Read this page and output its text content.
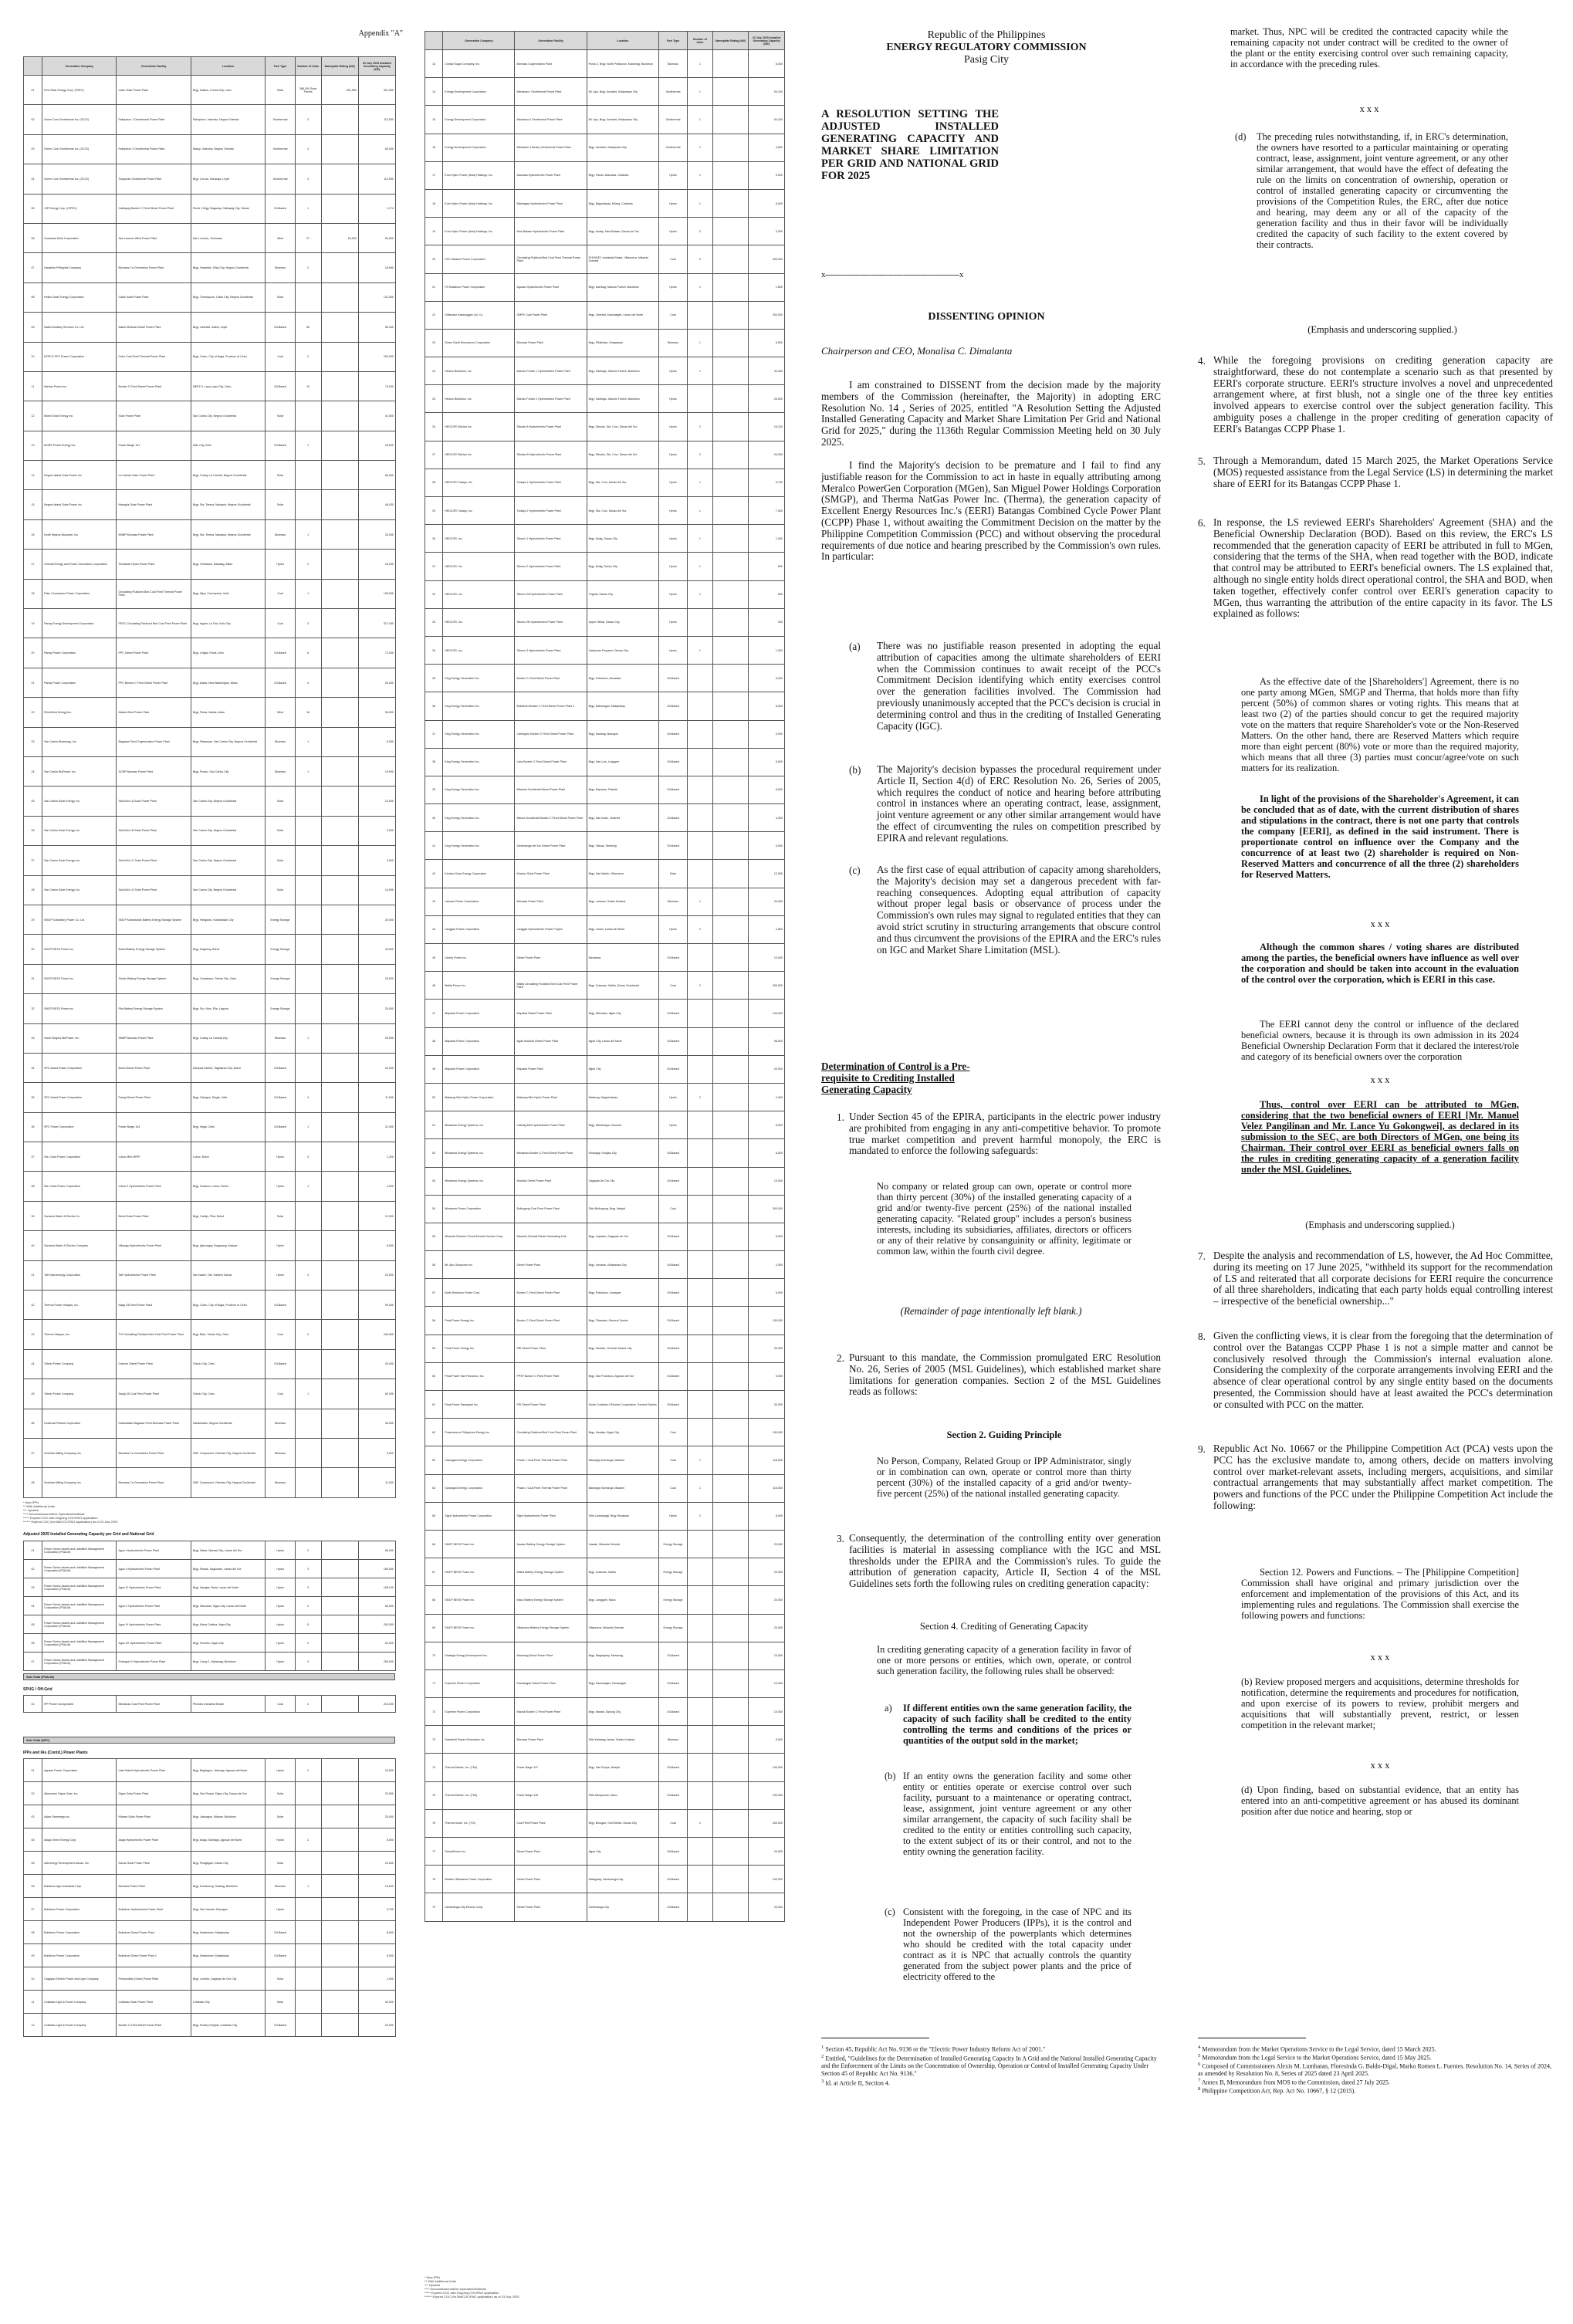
Appendix "A"
	Generation Company	Generation Facility	Location	Fuel Type	Number of Units	Nameplate Rating (kW)	23 July 2025 Installed Generating Capacity (kW)
01	First Solar Energy Corp. (FSEC)	Lasin Solar Power Plant	Brgy. Dakwo, Croma City, Laon	Solar	368,000 Solar Panels	301,960	301,960
02	Green Core Geothermal Inc. (GCGI)	Palinpinon 1 Geothermal Power Plant	Palinpinon, Valencia, Negros Oriental	Geothermal	3		112,500
03	Green Core Geothermal Inc. (GCGI)	Palinpinon 2 Geothermal Power Plant	Nasuji, Valencia, Negros Oriental	Geothermal	3		60,000
04	Green Core Geothermal Inc. (GCGI)	Tongonan Geothermal Power Plant	Brgy. Lim-ao, Kananga, Leyte	Geothermal	3		112,500
05	CIP Energy Corp. (CIPEC)	Calbayog Bunker C Fired Diesel Power Plant	Purok 1 Brgy. Bagacay, Calbayog City, Samar	Oil-Based	1		1,174
06	Guimaras Wind Corporation	San Lorenzo Wind Power Plant	San Lorenzo, Guimaras	Wind	27	54,000	54,000
07	Hawaiian-Philippine Company	Biomass Co-Generation Power Plant	Brgy. Hawaiian, Silay City, Negros Occidental	Biomass	2		18,980
08	Helios Solar Energy Corporation	Cadiz Solar Power Plant	Brgy. Tinampa-an, Cadiz City, Negros Occidental	Solar			131,500
09	Isabel Ancillary Services Co. Ltd.	Isabel Modular Diesel Power Plant	Brgy. Libertad, Isabel, Leyte	Oil-Based	60		55,440
10	KEPCO SPC Power Corporation	Cebu Coal Fired Thermal Power Plant	Brgy. Colon, City of Naga, Province of Cebu	Coal	2		200,000
11	Mactan Power Inc.	Bunker C-Fired Diesel Power Plant	MEPZ II, Lapu-Lapu City, Cebu	Oil-Based	10		70,000
12	Miami Solar Energy Inc.	Solar Power Plant	San Carlos City, Negros Occidental	Solar			41,500
13	MORE Power Energy Inc.	Power Barge 101	Iloilo City, Iloilo	Oil-Based	1		28,000
14	Negros Island Solar Power Inc.	La Carlota Solar Power Plant	Brgy. Cubay, La Carlota, Negros Occidental	Solar			80,000
15	Negros Island Solar Power Inc.	Manapla Solar Power Plant	Brgy. Sta. Teresa, Manapla, Negros Occidental	Solar			48,030
16	North Negros Biopower, Inc.	NNBP Biomass Power Plant	Brgy. Sta. Teresa, Manapla, Negros Occidental	Biomass	1		25,000
17	Oriental Energy and Power Generation Corporation	Timbaban Hydro Power Plant	Brgy. Timbaban, Madalag, Aklan	Hydro	2		18,000
18	Palm Concepcion Power Corporation	Circulating Fluidized Bed Coal Fired Thermal Power Plant	Brgy. Nipa, Concepcion, Iloilo	Coal	1		135,000
19	Panay Energy Development Corporation	PEDC Circulating Fluidized Bed Coal Fired Power Plant	Brgy. Ingore, La Paz, Iloilo City	Coal	3		317,400
20	Panay Power Corporation	PPC Diesel Power Plant	Brgy. Ungka, Pavia, Iloilo	Oil-Based	8		72,000
21	Panay Power Corporation	PPC Bunker C Fired Diesel Power Plant	Brgy. Alaba, New Washington, Aklan	Oil-Based	4		26,400
22	PetroWind Energy Inc.	Nabas Wind Power Plant	Brgy. Pawa, Nabas, Aklan	Wind	18		36,000
23	San Carlos Bioenergy, Inc.	Bagasse Fired Cogeneration Power Plant	Brgy. Palampas, San Carlos City, Negros Occidental	Biomass	1		8,300
24	San Carlos BioPower, Inc.	SCBP Biomass Power Plant	Brgy. Punao, San Carlos City	Biomass	1		19,990
25	San Carlos Solar Energy, Inc.	SaCaSol I-A Solar Power Plant	San Carlos City, Negros Occidental	Solar			13,000
26	San Carlos Solar Energy, Inc.	SaCaSol I-B Solar Power Plant	San Carlos City, Negros Occidental	Solar			9,000
27	San Carlos Solar Energy, Inc.	SaCaSol I-C Solar Power Plant	San Carlos City, Negros Occidental	Solar			9,000
28	San Carlos Solar Energy, Inc.	SaCaSol I-D Solar Power Plant	San Carlos City, Negros Occidental	Solar			14,000
29	SMCP Subsidiary Power Co. Ltd.	SMCP Kabankalan Battery Energy Storage System	Brgy. Hinigaran, Kabankalan City	Energy Storage			20,000
30	SMCP BESS Power Inc.	Bohol Battery Energy Storage System	Brgy. Dagohoy, Bohol	Energy Storage			40,000
31	SMCP BESS Power Inc.	Toledo Battery Energy Storage System	Brgy. Cantabaco, Toledo City, Cebu	Energy Storage			20,000
32	SMCP BESS Power Inc.	Pila Battery Energy Storage System	Brgy. Sto. Nino, Pila, Laguna	Energy Storage			20,000
33	South Negros BioPower, Inc.	SNBP Biomass Power Plant	Brgy. Cubay, La Carlota City	Biomass	1		25,000
34	SPC Island Power Corporation	Bohol Diesel Power Plant	Dampas District, Tagbilaran City, Bohol	Oil-Based			22,000
35	SPC Island Power Corporation	Panay Diesel Power Plant	Brgy. Tabugon, Dingle, Iloilo	Oil-Based	4		11,000
36	SPC Power Corporation	Power Barge 104	Brgy. Naga, Cebu	Oil-Based	1		31,000
37	Sta. Clara Power Corporation	Loboc Mini HEPP	Loboc, Bohol	Hydro	3		1,200
38	Sta. Clara Power Corporation	Loboc 2 Hydroelectric Power Plant	Brgy. Gotozon, Loboc, Bohol	Hydro	1		3,200
39	Sunwest Water & Electric Co.	Bohol Solar Power Plant	Brgy. Canlijo, Pilar, Bohol	Solar			12,000
40	Sunwest Water & Electric Company	Villasiga Hydroelectric Power Plant	Brgy. Igbucagay, Bugasong, Antique	Hydro			8,000
41	Taft Hydroenergy Corporation	Taft Hydroelectric Power Plant	San Isabel, Taft, Eastern Samar	Hydro	3		20,000
42	Therma Power Visayas, Inc.	Naga Oil Fired Power Plant	Brgy. Colon, City of Naga, Province of Cebu	Oil-Based			90,000
43	Therma Visayas, Inc.	TVI Circulating Fluidized Bed Coal Fired Power Plant	Brgy. Bato, Toledo City, Cebu	Coal	2		340,000
44	Toledo Power Company	Carmen Diesel Power Plant	Toledo City, Cebu	Oil-Based			40,000
45	Toledo Power Company	Sangi 2A Coal Fired Power Plant	Toledo City, Cebu	Coal	1		82,000
46	Universal Robina Corporation	Kabankalan Bagasse Fired Biomass Power Plant	Kabankalan, Negros Occidental	Biomass			46,000
47	Victorias Milling Company, Inc.	Biomass Co-Generation Power Plant	VMC Compound, Victorias City, Negros Occidental	Biomass			9,000
48	Victorias Milling Company, Inc.	Biomass Co-Generation Power Plant	VMC Compound, Victorias City, Negros Occidental	Biomass			11,000
* New IPPs
** With Additional Units
*** Uprated
**** Decommissioned/De-Operation/Mothball
***** Expired COC with Ongoing COC/PAO application
****** Expired COC (for Bld/COC/PAO application) as of 23 July 2025
Adjusted 2025 Installed Generating Capacity per Grid and National Grid
01	Power Sector Assets and Liabilities Management Corporation (PSALM)	Agus I Hydroelectric Power Plant	Brgy. Saber, Marawi City, Lanao del Sur	Hydro	2		80,000
02	Power Sector Assets and Liabilities Management Corporation (PSALM)	Agus II Hydroelectric Power Plant	Brgy. Pawak, Saguiaran, Lanao del Sur	Hydro	3		180,000
03	Power Sector Assets and Liabilities Management Corporation (PSALM)	Agus IV Hydroelectric Power Plant	Brgy. Nangka, Baloi, Lanao del Norte	Hydro	3		158,100
04	Power Sector Assets and Liabilities Management Corporation (PSALM)	Agus V Hydroelectric Power Plant	Brgy. Ditucalan, Iligan City, Lanao del Norte	Hydro	2		55,000
05	Power Sector Assets and Liabilities Management Corporation (PSALM)	Agus VI Hydroelectric Power Plant	Brgy. Maria Cristina, Iligan City	Hydro	5		200,000
06	Power Sector Assets and Liabilities Management Corporation (PSALM)	Agus VII Hydroelectric Power Plant	Brgy. Fuentes, Iligan City	Hydro	2		54,000
07	Power Sector Assets and Liabilities Management Corporation (PSALM)	Pulangui IV Hydroelectric Power Plant	Brgy. Camp 1, Maramag, Bukidnon	Hydro	3		255,000
Sub-Total (PSALM)
SPUG / Off-Grid
01	IPP Power Incorporated	Mindanao Coal Fired Power Plant	Phividec Industrial Estate	Coal	2		210,000
Sub-Total (NPC)
IPPs and IAs (Contd.) Power Plants
01	Agusan Power Corporation	Lake Mainit Hydroelectric Power Plant	Brgy. Bagilagon, Jabonga, Agusan del Norte	Hydro	2		24,900
02	Alterpower Digos Solar, Inc.	Digos Solar Power Plant	Brgy. San Roque, Digos City, Davao del Sur	Solar			32,500
03	Asian Greenergy Inc.	Kibawe Solar Power Plant	Brgy. Labuagon, Kibawe, Bukidnon	Solar			25,000
04	Asiga Green Energy Corp.	Asiga Hydroelectric Power Plant	Brgy. Asiga, Santiago, Agusan del Norte	Hydro	2		8,000
05	Astronergy Development Davao, Inc.	Davao Solar Power Plant	Brgy. Pinagtigan, Davao City	Solar			20,000
06	Bukidnon Agro-Industrial Corp.	Biomass Power Plant	Brgy. Dominorog, Talakag, Bukidnon	Biomass	1		10,000
07	Bukidnon Power Corporation	Bukidnon Hydroelectric Power Plant	Brgy. San Vicente, Baungon	Hydro			3,700
08	Bukidnon Power Corporation	Bukidnon Diesel Power Plant	Brgy. Natabuhan, Malaybalay	Oil-Based			8,000
09	Bukidnon Power Corporation	Bukidnon Diesel Power Plant 2	Brgy. Natabuhan, Malaybalay	Oil-Based			8,000
10	Cagayan Electric Power and Light Company	Photovoltaic (Solar) Power Plant	Brgy. Lumbia, Cagayan de Oro City	Solar			1,000
11	Cotabato Light & Power Company	Cotabato Solar Power Plant	Cotabato City	Solar			30,000
12	Cotabato Light & Power Company	Bunker C-Fired Diesel Power Plant	Brgy. Rosary Heights, Cotabato City	Oil-Based			20,000
	Generation Company	Generation Facility	Location	Fuel Type	Number of Units	Nameplate Rating (kW)	23 July 2025 Installed Generating Capacity (kW)
13	Crystal Sugar Company, Inc.	Biomass Cogeneration Plant	Purok 2, Brgy. North Poblacion, Maramag, Bukidnon	Biomass	1		8,000
14	Energy Development Corporation	Mindanao I Geothermal Power Plant	Mt. Apo, Brgy. Ilomavis, Kidapawan City	Geothermal	1		54,240
15	Energy Development Corporation	Mindanao II Geothermal Power Plant	Mt. Apo, Brgy. Ilomavis, Kidapawan City	Geothermal	1		54,240
16	Energy Development Corporation	Mindanao 3 Binary Geothermal Power Plant	Brgy. Ilomavis, Kidapawan City	Geothermal	1		3,800
17	Euro Hydro Power (Asia) Holdings, Inc.	Alamada Hydroelectric Power Plant	Brgy. Pacao, Alamada, Cotabato	Hydro	1		5,000
18	Euro Hydro Power (Asia) Holdings, Inc.	Maridagao Hydroelectric Power Plant	Brgy. Bagontapay, M'lang, Cotabato	Hydro	1		8,000
19	Euro Hydro Power (Asia) Holdings, Inc.	New Bataan Hydroelectric Power Plant	Brgy. Andap, New Bataan, Davao de Oro	Hydro	3		3,000
20	FDC Misamis Power Corporation	Circulating Fluidized Bed Coal Fired Thermal Power Plant	PHIVIDEC Industrial Estate, Villanueva, Misamis Oriental	Coal	3		405,000
21	FG Bukidnon Power Corporation	Agusan Hydroelectric Power Plant	Brgy. Damilag, Manolo Fortich, Bukidnon	Hydro	1		1,600
22	Gillamaco Kasaroggan Ltd. Co.	GMPK Coal Power Plant	Brgy. Libertad, Kauswagan, Lanao del Norte	Coal			300,000
23	Green Earth Enersource Corporation	Biomass Power Plant	Brgy. Pikkindan, Kidapawan	Biomass	1		8,500
24	Hedcor Bukidnon, Inc.	Manolo Fortich 1 Hydroelectric Power Plant	Brgy. Santiago, Manolo Fortich, Bukidnon	Hydro	1		43,400
25	Hedcor Bukidnon, Inc.	Manolo Fortich 2 Hydroelectric Power Plant	Brgy. Santiago, Manolo Fortich, Bukidnon	Hydro			25,000
26	HEDCOR Sibulan Inc.	Sibulan A Hydroelectric Power Plant	Brgy. Sibulan, Sta. Cruz, Davao del Sur	Hydro	2		16,320
27	HEDCOR Sibulan Inc.	Sibulan B Hydroelectric Power Plant	Brgy. Sibulan, Sta. Cruz, Davao del Sur	Hydro	2		26,250
28	HEDCOR Tudaya, Inc.	Tudaya 1 Hydroelectric Power Plant	Brgy. Sta. Cruz, Davao del Sur	Hydro	1		6,700
29	HEDCOR Tudaya, Inc.	Tudaya 2 Hydroelectric Power Plant	Brgy. Sta. Cruz, Davao del Sur	Hydro	1		7,000
30	HEDCOR, Inc.	Talomo 1 Hydroelectric Power Plant	Brgy. Mulig, Davao City	Hydro	1		1,000
31	HEDCOR, Inc.	Talomo 2 Hydroelectric Power Plant	Brgy. Mulig, Davao City	Hydro	1		600
32	HEDCOR, Inc.	Talomo 2A Hydroelectric Power Plant	Tugbok, Davao City	Hydro	1		650
33	HEDCOR, Inc.	Talomo 2B Hydroelectric Power Plant	Upper Mintal, Davao City	Hydro			300
34	HEDCOR, Inc.	Talomo 3 Hydroelectric Power Plant	Catalunan Pequeno, Davao City	Hydro	1		1,920
35	King Energy Generation Inc.	Bunker C-Fired Diesel Power Plant	Brgy. Poblacion, Bunawan	Oil-Based			5,000
36	King Energy Generation Inc.	Bukidnon Bunker C Fired Diesel Power Plant 2	Brgy. Dalwangan, Malaybalay	Oil-Based			8,000
37	King Energy Generation Inc.	Carrington Bunker C Fired Diesel Power Plant	Brgy. Maahag, Baungon	Oil-Based			5,000
38	King Energy Generation Inc.	Lima Bunker C Fired Diesel Power Plant	Brgy. San Luis, Lingayon	Oil-Based			8,000
39	King Energy Generation Inc.	Misamis Occidental Diesel Power Plant	Brgy. Dapacan, Plaridel	Oil-Based			6,000
40	King Energy Generation Inc.	Minara Occidental Bunker C Fired Diesel Power Plant	Brgy. San Isidro, Jimenez	Oil-Based			4,000
41	King Energy Generation Inc.	Zamboanga del Sur Diesel Power Plant	Brgy. Talisay, Tambulig	Oil-Based			6,000
42	Kirahon Solar Energy Corporation	Kirahon Solar Power Plant	Brgy. San Martin, Villanueva	Solar			12,500
43	Lamsan Power Corporation	Biomass Power Plant	Brgy. Lamsan, Sultan Kudarat	Biomass	1		20,000
44	Langgas Power Corporation	Langgas Hydroelectric Power Project	Brgy. Lanao, Lanao del Norte	Hydro	2		2,800
45	Liberty Power Inc.	Diesel Power Plant	Mindanao	Oil-Based			10,000
46	Malita Power Inc.	Malita Circulating Fluidized Bed Coal Fired Power Plant	Brgy. Culaman, Malita, Davao Occidental	Coal	2		300,000
47	Mapalad Power Corporation	Mapalad Diesel Power Plant	Brgy. Ditucalan, Iligan City	Oil-Based			103,000
48	Mapalad Power Corporation	Iligan Modular Diesel Power Plant	Iligan City, Lanao del Norte	Oil-Based			98,000
49	Mapalad Power Corporation	Mapalad Power Plant	Iligan City	Oil-Based			20,000
50	Matanog Mini Hydro Power Corporation	Matanog Mini Hydro Power Plant	Matanog, Maguindanao	Hydro	2		2,400
51	Mindanao Energy Systems, Inc.	Cabulig Mini Hydroelectric Power Plant	Brgy. Mambuaya, Claveria	Hydro			8,000
52	Mindanao Energy Systems, Inc.	Mindanao Bunker C-Fired Diesel Power Plant	Kinangay, Surigao City	Oil-Based			8,000
53	Mindanao Energy Systems, Inc.	Modular Diesel Power Plant	Cagayan de Oro City	Oil-Based			15,000
54	Mindanao Power Corporation	Bulbugong Coal Fired Power Plant	Sitio Bulbugong, Brgy. Nasipit	Coal			300,000
55	Misamis Oriental 1 Rural Electric Service Coop.	Misamis Oriental Diesel Generating Unit	Brgy. Lapasan, Cagayan de Oro	Oil-Based			5,000
56	Mt. Apo Geopower Inc.	Diesel Power Plant	Brgy. Ilomavis, Kidapawan City	Oil-Based			2,000
57	North Bukidnon Power Corp.	Bunker C-Fired Diesel Power Plant	Brgy. Poblacion, Lantapan	Oil-Based			6,000
58	Peak Power Energy Inc.	Bunker C-Fired Diesel Power Plant	Brgy. Tibanban, General Santos	Oil-Based			100,000
59	Peak Power Energy Inc.	PBI Diesel Power Plant	Brgy. Tambler, General Santos City	Oil-Based			30,000
60	Peak Power San Francisco, Inc.	PPSF Bunker C Fired Power Plant	Brgy. San Francisco, Agusan del Sur	Oil-Based			5,000
61	Peak Power Sarangani Inc.	PSI Diesel Power Plant	South Cotabato II Electric Cooperative, General Santos	Oil-Based			30,000
62	Powersource Philippines Energy Inc.	Circulating Fluidized Bed Coal Fired Power Plant	Brgy. Kiwalan, Iligan City	Coal			150,000
63	Sarangani Energy Corporation	Phase 1 Coal Fired Thermal Power Plant	Barangay Kamanga, Maasim	Coal	1		118,500
64	Sarangani Energy Corporation	Phase 2 Coal Fired Thermal Power Plant	Barangay Kamanga, Maasim	Coal	1		118,500
65	Sigul Hydroelectric Power Corporation	Sigul Hydroelectric Power Plant	Sitio Lumbayagil, Brgy. Bunawan	Hydro	2		8,000
66	SMCP BESS Power Inc.	Jasaan Battery Energy Storage System	Jasaan, Misamis Oriental	Energy Storage			20,000
67	SMCP BESS Power Inc.	Malita Battery Energy Storage System	Brgy. Culaman, Malita	Energy Storage			20,000
68	SMCP BESS Power Inc.	Maco Battery Energy Storage System	Brgy. Langgam, Maco	Energy Storage			20,000
69	SMCP BESS Power Inc.	Villanueva Battery Energy Storage System	Villanueva, Misamis Oriental	Energy Storage			20,000
70	Strategic Energy Development Inc.	Maramag Diesel Power Plant	Brgy. Magsaysay, Maramag	Oil-Based			10,000
71	Supreme Power Corporation	Kauswagan Diesel Power Plant	Brgy. Kauswagan, Kauswagan	Oil-Based			10,000
72	Supreme Power Corporation	Maradi Bunker C Fired Power Plant	Brgy. Maradi, Dipolog City	Oil-Based			10,000
73	Sweetbell Power Generation Inc.	Biomass Power Plant	Sitio Kalawag, Isulan, Sultan Kudarat	Biomass			5,000
74	Therma Marine, Inc. (TMI)	Power Barge 117	Brgy. San Roque, Nasipit	Oil-Based			100,000
75	Therma Marine, Inc. (TMI)	Power Barge 118	Sitio Kanayunan, Maco	Oil-Based			100,000
76	Therma South, Inc. (TSI)	Coal Fired Power Plant	Brgy. Binugao, Toril District, Davao City	Coal	2		300,000
77	ToledoPower Inc.	Diesel Power Plant	Iligan City	Oil-Based			20,000
78	Western Mindanao Power Corporation	Diesel Power Plant	Malagutay, Zamboanga City	Oil-Based			100,000
79	Zamboanga City Electric Coop.	Diesel Power Plant	Zamboanga City	Oil-Based			20,000
* New IPPs
** With Additional Units
*** Uprated
**** Decommissioned/De-Operation/Mothball
***** Expired COC with Ongoing COC/PAO application
****** Expired COC (for Bld/COC/PAO application) as of 23 July 2025
Republic of the Philippines
ENERGY REGULATORY COMMISSION
Pasig City
A RESOLUTION SETTING THE ADJUSTED INSTALLED GENERATING CAPACITY AND MARKET SHARE LIMITATION PER GRID AND NATIONAL GRID FOR 2025
x-------------------------------------------------------x
DISSENTING OPINION
Chairperson and CEO, Monalisa C. Dimalanta
I am constrained to DISSENT from the decision made by the majority members of the Commission (hereinafter, the Majority) in adopting ERC Resolution No. 14 , Series of 2025, entitled "A Resolution Setting the Adjusted Installed Generating Capacity and Market Share Limitation Per Grid and National Grid for 2025," during the 1136th Regular Commission Meeting held on 30 July 2025.
I find the Majority's decision to be premature and I fail to find any justifiable reason for the Commission to act in haste in equally attributing among Meralco PowerGen Corporation (MGen), San Miguel Power Holdings Corporation (SMGP), and Therma NatGas Power Inc. (Therma), the generation capacity of Excellent Energy Resources Inc.'s (EERI) Batangas Combined Cycle Power Plant (CCPP) Phase 1, without awaiting the Commitment Decision on the matter by the Philippine Competition Commission (PCC) and without observing the procedural requirements of due notice and hearing prescribed by the Commission's own rules. In particular:
(a) There was no justifiable reason presented in adopting the equal attribution of capacities among the ultimate shareholders of EERI when the Commission continues to await receipt of the PCC's Commitment Decision identifying which entity exercises control over the generation facilities involved. The Commission had previously unanimously accepted that the PCC's decision is crucial in determining control and thus in the crediting of Installed Generating Capacity (IGC).
(b) The Majority's decision bypasses the procedural requirement under Article II, Section 4(d) of ERC Resolution No. 26, Series of 2005, which requires the conduct of notice and hearing before attributing control in instances where an operating contract, lease, assignment, joint venture agreement or any other similar arrangement would have the effect of circumventing the rules on competition prescribed by EPIRA and relevant regulations.
(c) As the first case of equal attribution of capacity among shareholders, the Majority's decision may set a dangerous precedent with far-reaching consequences. Adopting equal attribution of capacity without proper legal basis or observance of process under the Commission's own rules may signal to regulated entities that they can avoid strict scrutiny in structuring arrangements that obscure control and thus circumvent the provisions of the EPIRA and the ERC's rules on IGC and Market Share Limitation (MSL).
Determination of Control is a Pre-requisite to Crediting Installed Generating Capacity
1. Under Section 45 of the EPIRA, participants in the electric power industry are prohibited from engaging in any anti-competitive behavior. To promote true market competition and prevent harmful monopoly, the ERC is mandated to enforce the following safeguards:
No company or related group can own, operate or control more than thirty percent (30%) of the installed generating capacity of a grid and/or twenty-five percent (25%) of the national installed generating capacity. "Related group" includes a person's business interests, including its subsidiaries, affiliates, directors or officers or any of their relative by consanguinity or affinity, legitimate or common law, within the fourth civil degree.
(Remainder of page intentionally left blank.)
2. Pursuant to this mandate, the Commission promulgated ERC Resolution No. 26, Series of 2005 (MSL Guidelines), which established market share limitations for generation companies. Section 2 of the MSL Guidelines reads as follows:
Section 2. Guiding Principle
No Person, Company, Related Group or IPP Administrator, singly or in combination can own, operate or control more than thirty percent (30%) of the installed capacity of a grid and/or twenty-five percent (25%) of the national installed generating capacity.
3. Consequently, the determination of the controlling entity over generation facilities is material in assessing compliance with the IGC and MSL thresholds under the EPIRA and the Commission's rules. To guide the attribution of generation capacity, Article II, Section 4 of the MSL Guidelines sets forth the following rules on crediting generation capacity:
Section 4. Crediting of Generating Capacity
In crediting generating capacity of a generation facility in favor of one or more persons or entities, which own, operate, or control such generation facility, the following rules shall be observed:
a) If different entities own the same generation facility, the capacity of such facility shall be credited to the entity controlling the terms and conditions of the prices or quantities of the output sold in the market;
(b) If an entity owns the generation facility and some other entity or entities operate or exercise control over such facility, pursuant to a maintenance or operating contract, lease, assignment, joint venture agreement or any other similar arrangement, the capacity of such facility shall be credited to the entity or entities controlling such capacity, to the extent subject of its or their control, and not to the entity owning the generation facility.
(c) Consistent with the foregoing, in the case of NPC and its Independent Power Producers (IPPs), it is the control and not the ownership of the powerplants which determines who should be credited with the total capacity under contract as it is NPC that actually controls the quantity generated from the subject power plants and the price of electricity offered to the
$^1$ Section 45, Republic Act No. 9136 or the "Electric Power Industry Reform Act of 2001."
$^2$ Entitled, "Guidelines for the Determination of Installed Generating Capacity In A Grid and the National Installed Generating Capacity and the Enforcement of the Limits on the Concentration of Ownership, Operation or Control of Installed Generating Capacity Under Section 45 of Republic Act No. 9136."
$^3$ Id. at Article II, Section 4.
market. Thus, NPC will be credited the contracted capacity while the remaining capacity not under contract will be credited to the owner of the plant or the entity exercising control over such remaining capacity, in accordance with the preceding rules.
x x x
(d) The preceding rules notwithstanding, if, in ERC's determination, the owners have resorted to a particular maintaining or operating contract, lease, assignment, joint venture agreement, or any other similar arrangement, that would have the effect of defeating the rule on the limits on concentration of ownership, operation or control of installed generating capacity or circumventing the provisions of the Competition Rules, the ERC, after due notice and hearing, may deem any or all of the capacity of the generation facility and thus in their favor will be individually credited the capacity of such facility to the extent covered by their contracts.
(Emphasis and underscoring supplied.)
4. While the foregoing provisions on crediting generation capacity are straightforward, these do not contemplate a scenario such as that presented by EERI's corporate structure. EERI's structure involves a novel and unprecedented arrangement where, at first blush, not a single one of the three key entities involved appears to exercise control over the subject generation facility. This ambiguity poses a challenge in the proper crediting of generation capacity of EERI's Batangas CCPP Phase 1.
5. Through a Memorandum, dated 15 March 2025, the Market Operations Service (MOS) requested assistance from the Legal Service (LS) in determining the market share of EERI for its Batangas CCPP Phase 1.
6. In response, the LS reviewed EERI's Shareholders' Agreement (SHA) and the Beneficial Ownership Declaration (BOD). Based on this review, the ERC's LS recommended that the generation capacity of EERI be attributed in full to MGen, considering that the terms of the SHA, when read together with the BOD, indicate that control may be attributed to EERI's beneficial owners. The LS explained that, although no single entity holds direct operational control, the SHA and BOD, when taken together, effectively confer control over EERI's generation capacity to MGen, thus warranting the attribution of the entire capacity in its favor. The LS explained as follows:
As the effective date of the [Shareholders'] Agreement, there is no one party among MGen, SMGP and Therma, that holds more than fifty percent (50%) of common shares or voting rights. This means that at least two (2) of the parties should concur to get the required majority vote on the matters that require Shareholder's vote or the Non-Reserved Matters. On the other hand, there are Reserved Matters which require more than eight percent (80%) vote or more than the required majority, which means that all three (3) parties must concur/agree/vote on such matters for its realization.
In light of the provisions of the Shareholder's Agreement, it can be concluded that as of date, with the current distribution of shares and stipulations in the contract, there is not one party that controls the company [EERI], as defined in the said instrument. There is proportionate control on influence over the Company and the concurrence of at least two (2) shareholder is required on Non-Reserved Matters and concurrence of all the three (2) shareholders for Reserved Matters.
x x x
Although the common shares / voting shares are distributed among the parties, the beneficial owners have influence as well over the corporation and should be taken into account in the evaluation of the control over the corporation, which is EERI in this case.
The EERI cannot deny the control or influence of the declared beneficial owners, because it is through its own admission in its 2024 Beneficial Ownership Declaration Form that it declared the interest/role and category of its beneficial owners over the corporation
x x x
Thus, control over EERI can be attributed to MGen, considering that the two beneficial owners of EERI [Mr. Manuel Velez Pangilinan and Mr. Lance Yu Gokongwei], as declared in its submission to the SEC, are both Directors of MGen, one being its Chairman. Their control over EERI as beneficial owners falls on the rules in crediting generating capacity of a generation facility under the MSL Guidelines.
(Emphasis and underscoring supplied.)
7. Despite the analysis and recommendation of LS, however, the Ad Hoc Committee, during its meeting on 17 June 2025, "withheld its support for the recommendation of LS and reiterated that all corporate decisions for EERI require the concurrence of all three shareholders, indicating that each party holds equal controlling interest – irrespective of the beneficial ownership..."
8. Given the conflicting views, it is clear from the foregoing that the determination of control over the Batangas CCPP Phase 1 is not a simple matter and cannot be conclusively resolved through the Commission's internal evaluation alone. Considering the complexity of the corporate arrangements involving EERI and the absence of clear operational control by any single entity based on the documents presented, the Commission should have at least awaited the PCC's determination or consulted with PCC on the matter.
9. Republic Act No. 10667 or the Philippine Competition Act (PCA) vests upon the PCC has the exclusive mandate to, among others, decide on matters involving control over market-relevant assets, including mergers, acquisitions, and similar contractual arrangements that may substantially affect market competition. The powers and functions of the PCC under the Philippine Competition Act include the following:
Section 12. Powers and Functions. – The [Philippine Competition] Commission shall have original and primary jurisdiction over the enforcement and implementation of the provisions of this Act, and its implementing rules and regulations. The Commission shall exercise the following powers and functions:
x x x
(b) Review proposed mergers and acquisitions, determine thresholds for notification, determine the requirements and procedures for notification, and upon exercise of its powers to review, prohibit mergers and acquisitions that will substantially prevent, restrict, or lessen competition in the relevant market;
x x x
(d) Upon finding, based on substantial evidence, that an entity has entered into an anti-competitive agreement or has abused its dominant position after due notice and hearing, stop or
$^4$ Memorandum from the Market Operations Service to the Legal Service, dated 15 March 2025.
$^5$ Memorandum from the Legal Service to the Market Operations Service, dated 15 May 2025.
$^6$ Composed of Commissioners Alexis M. Lumbatan, Floresinda G. Baldo-Digal, Marko Romeo L. Fuentes. Resolution No. 14, Series of 2024, as amended by Resolution No. 8, Series of 2025 dated 23 April 2025.
$^7$ Annex B, Memorandum from MOS to the Commission, dated 27 July 2025.
$^8$ Philippine Competition Act, Rep. Act No. 10667, § 12 (2015).
